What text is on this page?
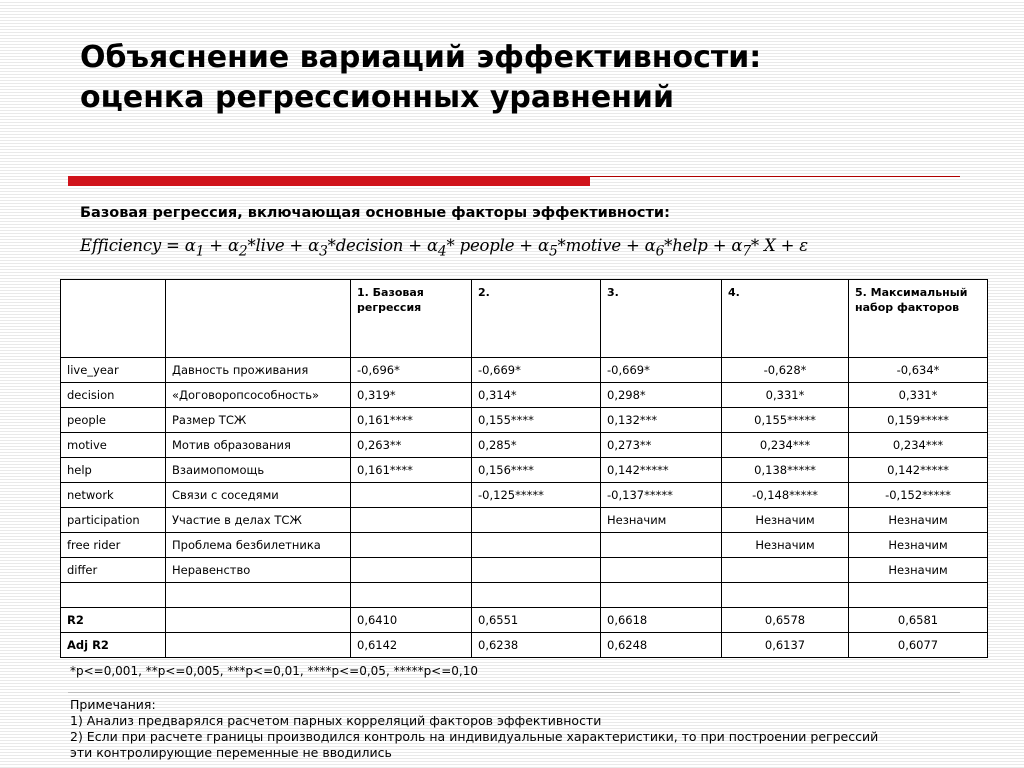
Объяснение вариаций эффективности:
оценка регрессионных уравнений
Базовая регрессия, включающая основные факторы эффективности:
Efficiency = $\alpha_1$ + $\alpha_2*live$ + $\alpha_3*decision + \alpha_4*$ people + $\alpha_5*motive$ + $\alpha_6*help + \alpha_7*$ X + ε
		1. Базовая регрессия	2.	3.	4.	5. Максимальный набор факторов
live_year	Давность проживания	-0,696*	-0,669*	-0,669*	-0,628*	-0,634*
decision	«Договоропсособность»	0,319*	0,314*	0,298*	0,331*	0,331*
people	Размер ТСЖ	0,161****	0,155****	0,132***	0,155*****	0,159*****
motive	Мотив образования	0,263**	0,285*	0,273**	0,234***	0,234***
help	Взаимопомощь	0,161****	0,156****	0,142*****	0,138*****	0,142*****
network	Связи с соседями		-0,125*****	-0,137*****	-0,148*****	-0,152*****
participation	Участие в делах ТСЖ			Незначим	Незначим	Незначим
free rider	Проблема безбилетника				Незначим	Незначим
differ	Неравенство					Незначим

R2		0,6410	0,6551	0,6618	0,6578	0,6581
Adj R2		0,6142	0,6238	0,6248	0,6137	0,6077
*p<=0,001, **p<=0,005, ***p<=0,01, ****p<=0,05, *****p<=0,10
Примечания:
1) Анализ предварялся расчетом парных корреляций факторов эффективности
2) Если при расчете границы производился контроль на индивидуальные характеристики, то при построении регрессий
эти контролирующие переменные не вводились
